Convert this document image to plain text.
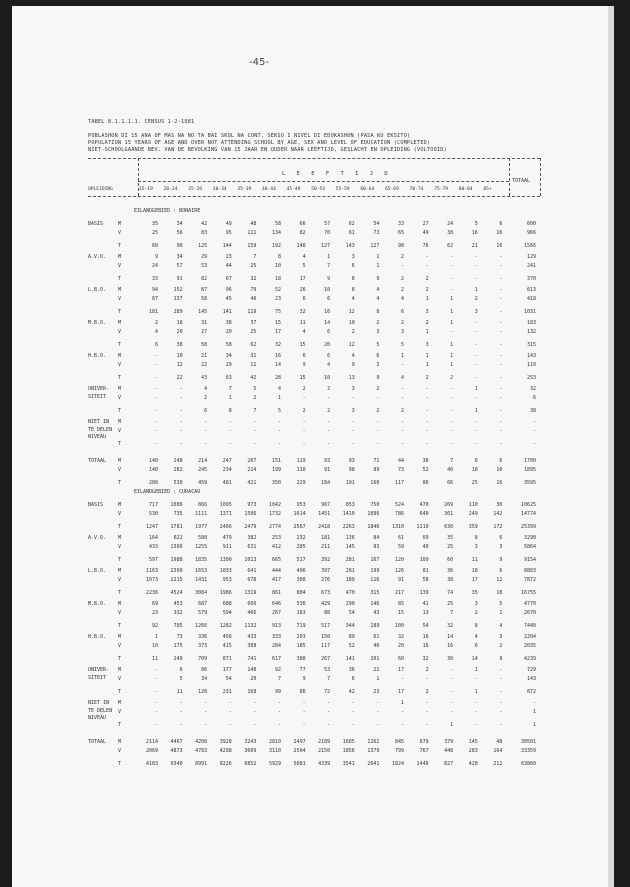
-45-
TABEL 8.1.1.1.1. CENSUS 1-2-1981
POBLASHON DI 15 ANA OF MAS NA NO TA BAI SKOL NA CONT. SEKSO I NIVEL DI EDUKASHON (PASA KU EKSITO)
POPULATION 15 YEARS OF AGE AND OVER NOT ATTENDING SCHOOL BY AGE, SEX AND LEVEL OF EDUCATION (COMPLETED)
NIET-SCHOOLGAANDE BEV. VAN DE BEVOLKING VAN 15 JAAR EN OUDER NAAR LEEFTIJD, GESLACHT EN OPLEIDING (VOLTOOID)
L E E F T I J D
TOTAAL
OPLEIDING	15-19 20-24 25-29 30-34 35-39 40-44 45-49 50-54 55-59 60-64 65-69 70-74 75-79 80-84 85+
EILANDGEBIED : BONAIRE
BASIS	M	35	34	42	49	48	58	66	57	62	54	33	27	24	5	6	600
V	25	56	83	95	111	134	82	70	61	73	65	49	38	16	16	966
T	60	90	125	144	159	192	148	127	143	127	98	76	62	21	16	1566
A.V.O. M	9	34	29	23	7	8	4	1	3	1	2	-	-	-	-	129
V	24	57	53	44	25	10	5	7	6	1	-	-	-	-	-	241
T	33	91	82	67	32	18	17	9	8	9	2	2	-	-	-	370
L.B.O. M	94	152	87	96	79	52	26	10	8	4	2	2	-	1	-	613
V	87	137	58	45	40	23	6	6	4	4	4	1	1	2	-	418
T	181	289	145	141	119	75	32	16	12	8	6	3	1	3	-	1031
M.B.O. M	2	18	31	38	37	15	11	14	10	2	2	2	1	-	-	183
V	4	20	27	20	25	17	4	6	2	3	3	1	-	-	-	132
T	6	38	58	58	62	32	15	20	12	5	5	3	1	-	-	315
H.B.O. M	-	10	21	34	31	16	6	6	4	6	1	1	1	-	-	143
V	-	12	22	29	11	14	9	4	9	3	-	1	1	-	-	110
T	-	22	43	63	42	28	15	10	13	9	4	2	2	-	-	253
UNIVER-
SITEIT
M	-	-	4	7	5	4	2	2	3	2	-	-	-	1	-	32
V	-	-	2	1	2	1	-	-	-	-	-	-	-	-	-	6
T	-	-	6	8	7	5	2	2	3	2	2	-	-	1	-	38
NIET IN
TE DELEN
NIVEAU
M	-	-	-	-	-	-	-	-	-	-	-	-	-	-	-	-
V	-	-	-	-	-	-	-	-	-	-	-	-	-	-	-	-
T	-	-	-	-	-	-	-	-	-	-	-	-	-	-	-	-
TOTAAL M	140	248	214	247	207	151	119	93	93	71	44	36	7	6	6	1700
V	140	282	245	234	214	199	110	91	98	89	73	52	40	18	10	1895
T	280	530	459	481	421	350	229	184	191	160	117	86	66	25	16	3595
EILANDGEBIED : CURACAO
BASIS	M	717	1086	866	1095	973	1042	953	967	853	750	524	470	269	110	30	10625
V	530	735	1111	1371	1506	1732	1614	1451	1410	1096	786	640	361	249	142	14774
T	1247	1781	1977	2466	2479	2774	2567	2418	2263	1846	1310	1110	630	359	172	25399
A.V.O. M	164	622	580	479	382	253	232	181	136	84	61	69	35	8	6	3290
V	433	1366	1255	911	631	412	285	211	145	83	59	40	25	3	3	5864
T	597	1988	1835	1390	1013	665	517	392	281	167	120	109	60	11	9	9154
L.B.O. M	1163	2309	1653	1033	641	444	496	397	281	199	126	81	36	18	6	8883
V	1073	2215	1431	953	678	417	308	276	189	116	91	58	38	17	12	7872
T	2236	4524	3084	1986	1319	861	804	673	470	315	217	139	74	35	18	16755
M.B.O. M	69	453	687	688	666	646	536	429	290	146	85	41	25	3	5	4770
V	23	332	579	594	466	267	183	88	54	43	15	13	7	2	1	2670
T	92	785	1266	1282	1132	913	719	517	344	189	100	54	32	8	4	7440
H.B.O. M	1	73	336	456	433	333	203	150	89	61	32	16	14	4	3	2204
V	10	175	373	415	308	284	185	117	52	40	20	16	16	6	2	2035
T	11	249	709	871	741	617	388	267	141	101	60	32	30	14	9	4239
UNIVER-
SITEIT
M	-	6	86	177	148	92	77	53	36	22	17	2	-	1	-	729
V	-	5	34	54	20	7	9	7	6	1	-	-	-	-	-	143
T	-	11	120	231	168	99	86	72	42	23	17	2	-	1	-	872
NIET IN
TE DELEN
NIVEAU
M	-	-	-	-	-	-	-	-	-	-	1	-	-	-	-	-
V	-	-	-	-	-	-	-	-	-	-	-	-	-	-	-	1
T	-	-	-	-	-	-	-	-	-	-	-	-	1	-	-	1
TOTAAL M	2114	4467	4208	3928	3243	2810	2497	2189	1685	1262	845	679	379	145	48	30501
V	2069	4873	4783	4298	3609	3110	2504	2150	1856	1379	799	767	448	283	164	33359
T	4183	9340	8991	8226	6852	5929	5081	4339	3541	2641	1824	1446	827	428	212	63860
